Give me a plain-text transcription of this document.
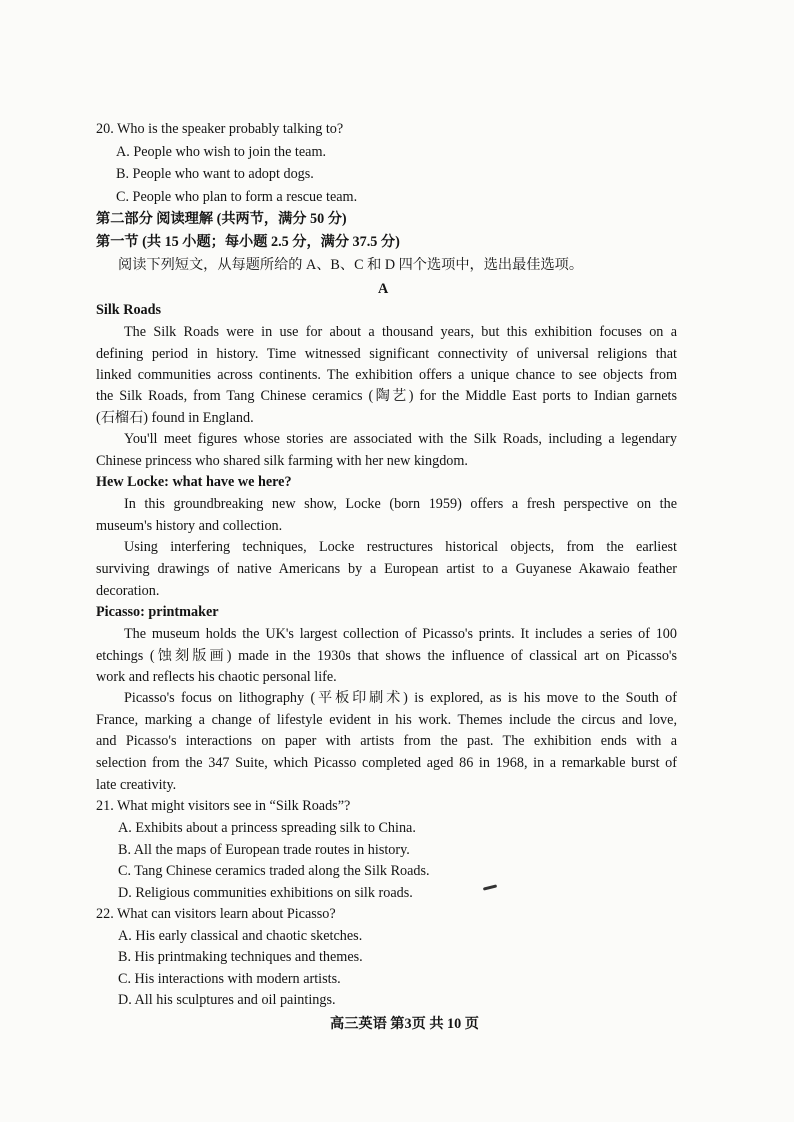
20. Who is the speaker probably talking to?
A. People who wish to join the team.
B. People who want to adopt dogs.
C. People who plan to form a rescue team.
第二部分 阅读理解 (共两节，满分 50 分)
第一节 (共 15 小题；每小题 2.5 分，满分 37.5 分)
阅读下列短文，从每题所给的 A、B、C 和 D 四个选项中，选出最佳选项。
A
Silk Roads
The Silk Roads were in use for about a thousand years, but this exhibition focuses on a
defining period in history. Time witnessed significant connectivity of universal religions that
linked communities across continents. The exhibition offers a unique chance to see objects from
the Silk Roads, from Tang Chinese ceramics (陶艺) for the Middle East ports to Indian garnets
(石榴石) found in England.
You'll meet figures whose stories are associated with the Silk Roads, including a legendary
Chinese princess who shared silk farming with her new kingdom.
Hew Locke: what have we here?
In this groundbreaking new show, Locke (born 1959) offers a fresh perspective on the
museum's history and collection.
Using interfering techniques, Locke restructures historical objects, from the earliest
surviving drawings of native Americans by a European artist to a Guyanese Akawaio feather
decoration.
Picasso: printmaker
The museum holds the UK's largest collection of Picasso's prints. It includes a series of 100
etchings (蚀刻版画) made in the 1930s that shows the influence of classical art on Picasso's
work and reflects his chaotic personal life.
Picasso's focus on lithography (平板印刷术) is explored, as is his move to the South of
France, marking a change of lifestyle evident in his work. Themes include the circus and love,
and Picasso's interactions on paper with artists from the past. The exhibition ends with a
selection from the 347 Suite, which Picasso completed aged 86 in 1968, in a remarkable burst of
late creativity.
21. What might visitors see in “Silk Roads”?
A. Exhibits about a princess spreading silk to China.
B. All the maps of European trade routes in history.
C. Tang Chinese ceramics traded along the Silk Roads.
D. Religious communities exhibitions on silk roads.
22. What can visitors learn about Picasso?
A. His early classical and chaotic sketches.
B. His printmaking techniques and themes.
C. His interactions with modern artists.
D. All his sculptures and oil paintings.
高三英语 第3页 共 10 页
